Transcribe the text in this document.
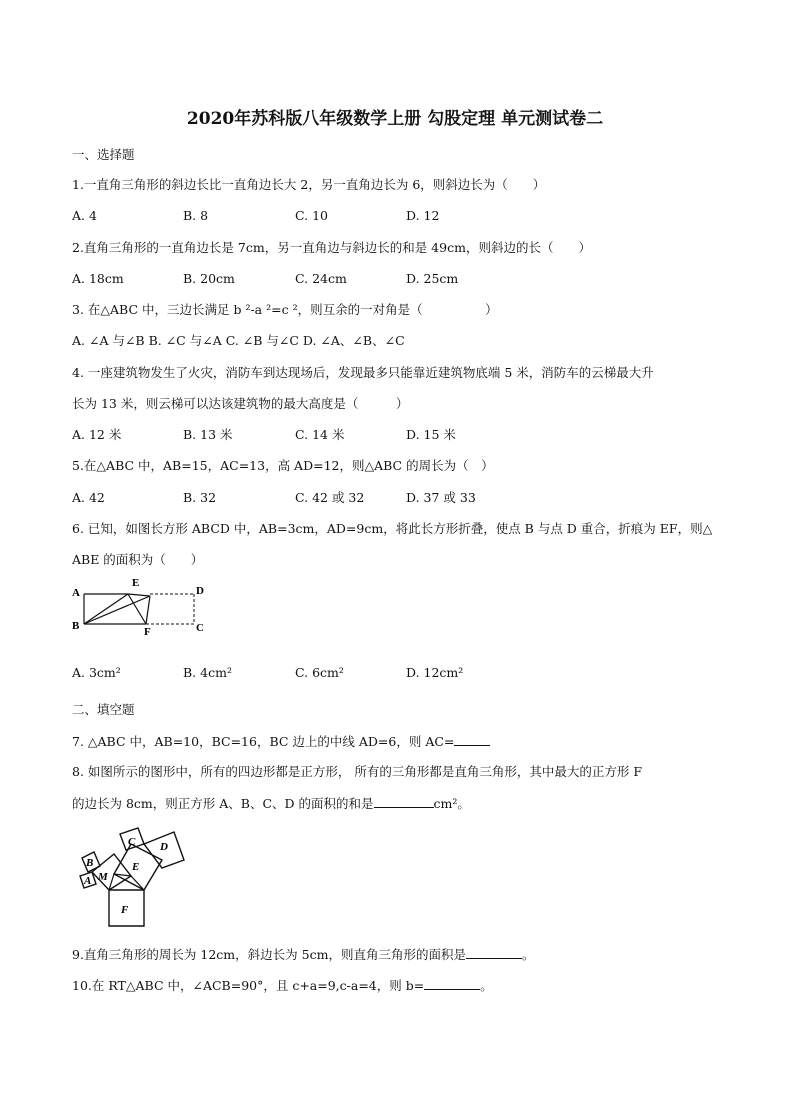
2020年苏科版八年级数学上册 勾股定理 单元测试卷二
一、选择题
1.一直角三角形的斜边长比一直角边长大 2，另一直角边长为 6，则斜边长为（　　）
A. 4	B. 8	C. 10	D. 12
2.直角三角形的一直角边长是 7cm，另一直角边与斜边长的和是 49cm，则斜边的长（　　）
A. 18cm	B. 20cm	C. 24cm	D. 25cm
3. 在△ABC 中，三边长满足 b ²-a ²=c ²，则互余的一对角是（　　　　　）
A. ∠A 与∠B B. ∠C 与∠A C. ∠B 与∠C D. ∠A、∠B、∠C
4. 一座建筑物发生了火灾，消防车到达现场后，发现最多只能靠近建筑物底端 5 米，消防车的云梯最大升
长为 13 米，则云梯可以达该建筑物的最大高度是（　　　）
A. 12 米	B. 13 米	C. 14 米	D. 15 米
5.在△ABC 中，AB=15，AC=13，高 AD=12，则△ABC 的周长为（　）
A. 42	B. 32	C. 42 或 32	D. 37 或 33
6. 已知，如图长方形 ABCD 中，AB=3cm，AD=9cm，将此长方形折叠，使点 B 与点 D 重合，折痕为 EF，则△
ABE 的面积为（　　）
A
E
D
B	F	C
A. 3cm²	B. 4cm²	C. 6cm²	D. 12cm²
二、填空题
7. △ABC 中，AB=10，BC=16，BC 边上的中线 AD=6，则 AC=
8. 如图所示的图形中，所有的四边形都是正方形， 所有的三角形都是直角三角形，其中最大的正方形 F
的边长为 8cm，则正方形 A、B、C、D 的面积的和是	cm²。
C D
B	E
A M
F
9.直角三角形的周长为 12cm，斜边长为 5cm，则直角三角形的面积是	。
10.在 RT△ABC 中，∠ACB=90°，且 c+a=9,c-a=4，则 b=	。
